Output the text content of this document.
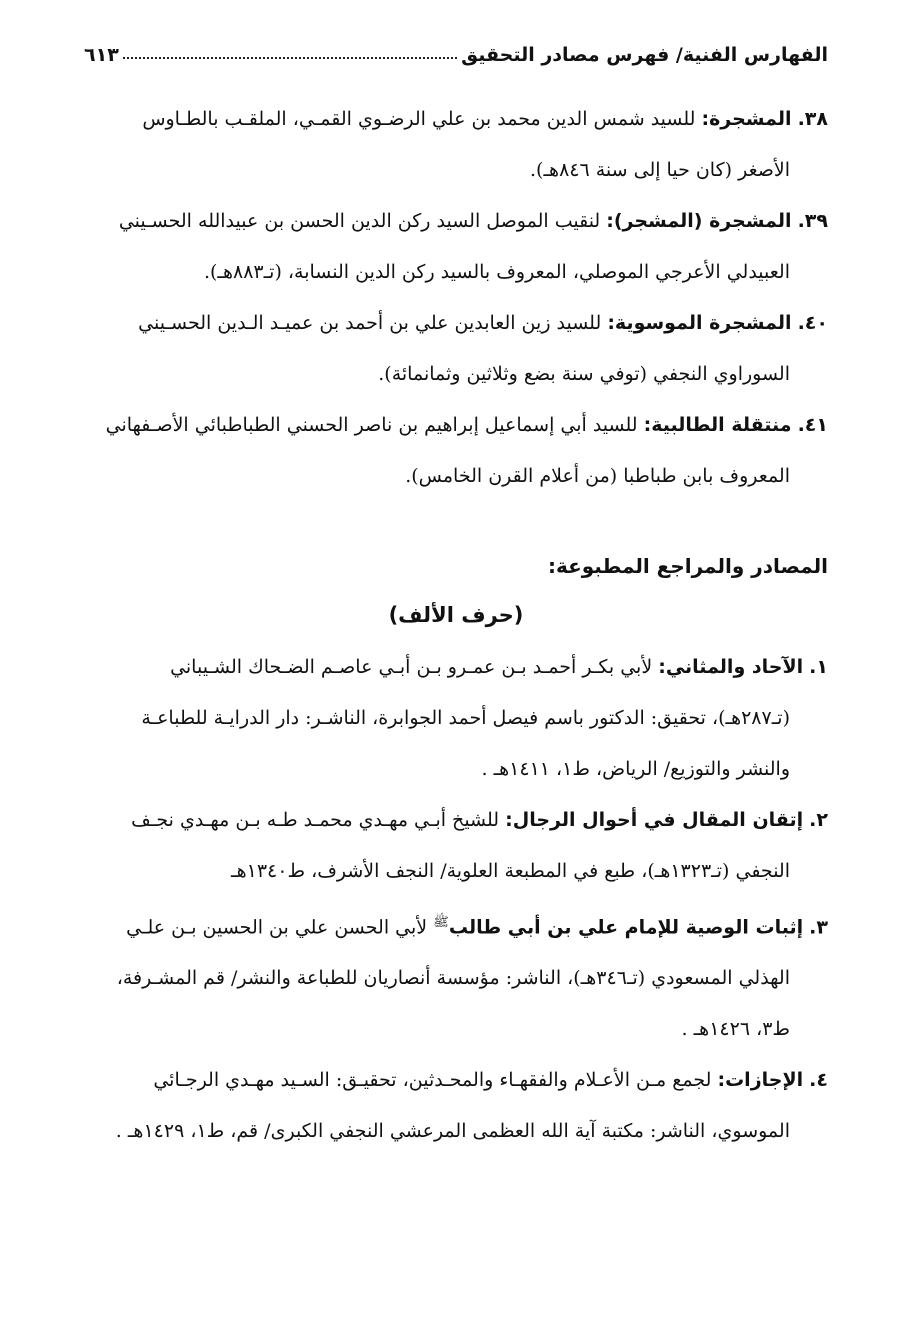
الفهارس الفنية/ فهرس مصادر التحقيق
٦١٣

٣٨. المشجرة: للسيد شمس الدين محمد بن علي الرضـوي القمـي، الملقـب بالطـاوس
الأصغر (كان حيا إلى سنة ٨٤٦هـ).

٣٩. المشجرة (المشجر): لنقيب الموصل السيد ركن الدين الحسن بن عبيدالله الحسـيني
العبيدلي الأعرجي الموصلي، المعروف بالسيد ركن الدين النسابة، (تـ٨٨٣هـ).

٤٠. المشجرة الموسوية: للسيد زين العابدين علي بن أحمد بن عميـد الـدين الحسـيني
السوراوي النجفي (توفي سنة بضع وثلاثين وثمانمائة).

٤١. منتقلة الطالبية: للسيد أبي إسماعيل إبراهيم بن ناصر الحسني الطباطبائي الأصـفهاني
المعروف بابن طباطبا (من أعلام القرن الخامس).

المصادر والمراجع المطبوعة:
(حرف الألف)

١. الآحاد والمثاني: لأبي بكـر أحمـد بـن عمـرو بـن أبـي عاصـم الضـحاك الشـيباني
(تـ٢٨٧هـ)، تحقيق: الدكتور باسم فيصل أحمد الجوابرة، الناشـر: دار الدرايـة للطباعـة
والنشر والتوزيع/ الرياض، ط١، ١٤١١هـ .

٢. إتقان المقال في أحوال الرجال: للشيخ أبـي مهـدي محمـد طـه بـن مهـدي نجـف
النجفي (تـ١٣٢٣هـ)، طبع في المطبعة العلوية/ النجف الأشرف، ط١٣٤٠هـ

٣. إثبات الوصية للإمام علي بن أبي طالب$^ﷺ$ لأبي الحسن علي بن الحسين بـن علـي
الهذلي المسعودي (تـ٣٤٦هـ)، الناشر: مؤسسة أنصاريان للطباعة والنشر/ قم المشـرفة،
ط٣، ١٤٢٦هـ .

٤. الإجازات: لجمع مـن الأعـلام والفقهـاء والمحـدثين، تحقيـق: السـيد مهـدي الرجـائي
الموسوي، الناشر: مكتبة آية الله العظمى المرعشي النجفي الكبرى/ قم، ط١، ١٤٢٩هـ .
